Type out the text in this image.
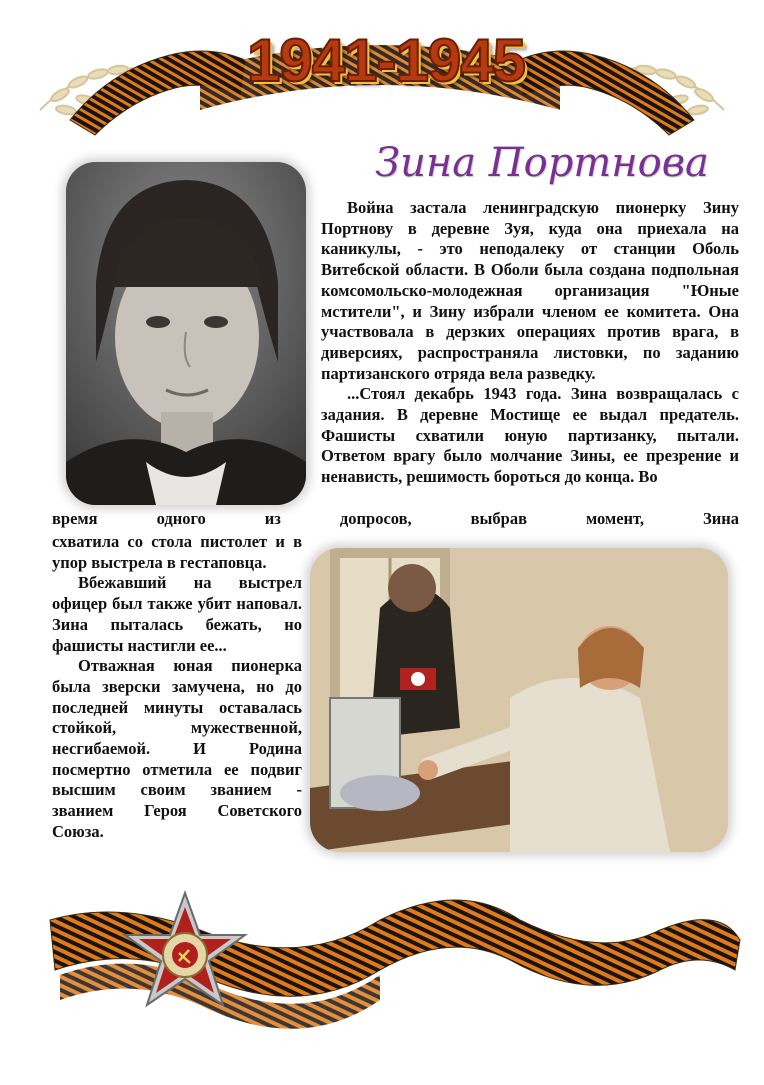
1941-1945
Зина Портнова

Война застала ленинградскую пионерку Зину Портнову в деревне Зуя, куда она приехала на каникулы, - это неподалеку от станции Оболь Витебской области. В Оболи была создана подпольная комсомольско-молодежная организация "Юные мстители", и Зину избрали членом ее комитета. Она участвовала в дерзких операциях против врага, в диверсиях, распространяла листовки, по заданию партизанского отряда вела разведку.

...Стоял декабрь 1943 года. Зина возвращалась с задания. В деревне Мостище ее выдал предатель. Фашисты схватили юную партизанку, пытали. Ответом врагу было молчание Зины, ее презрение и ненависть, решимость бороться до конца. Во

время одного из допросов, выбрав момент, Зина

схватила со стола пистолет и в упор выстрела в гестаповца.

Вбежавший на выстрел офицер был также убит наповал. Зина пыталась бежать, но фашисты настигли ее...

Отважная юная пионерка была зверски замучена, но до последней минуты оставалась стойкой, мужественной, несгибаемой. И Родина посмертно отметила ее подвиг высшим своим званием - званием Героя Советского Союза.
